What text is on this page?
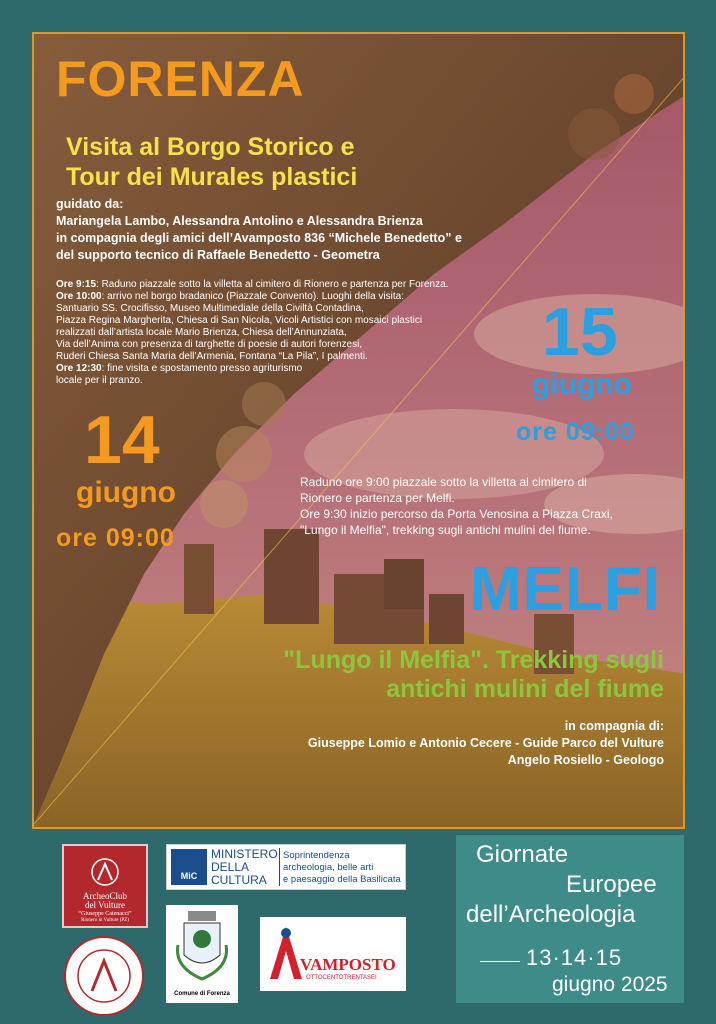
FORENZA
Visita al Borgo Storico e
Tour dei Murales plastici
guidato da:
Mariangela Lambo, Alessandra Antolino e Alessandra Brienza
in compagnia degli amici dell’Avamposto 836 “Michele Benedetto” e
del supporto tecnico di Raffaele Benedetto - Geometra

Ore 9:15: Raduno piazzale sotto la villetta al cimitero di Rionero e partenza per Forenza.

Ore 10:00: arrivo nel borgo bradanico (Piazzale Convento). Luoghi della visita:

Santuario SS. Crocifisso, Museo Multimediale della Civiltà Contadina,

Piazza Regina Margherita, Chiesa di San Nicola, Vicoli Artistici con mosaici plastici

realizzati dall’artista locale Mario Brienza, Chiesa dell’Annunziata,

Via dell’Anima con presenza di targhette di poesie di autori forenzesi,

Ruderi Chiesa Santa Maria dell’Armenia, Fontana “La Pila”, I palmenti.

Ore 12:30: fine visita e spostamento presso agriturismo

locale per il pranzo.

14
giugno
ore 09:00
15
giugno
ore 09:00
Raduno ore 9:00 piazzale sotto la villetta al cimitero di
Rionero e partenza per Melfi.
Ore 9:30 inizio percorso da Porta Venosina a Piazza Craxi,
"Lungo il Melfia", trekking sugli antichi mulini del fiume.
MELFI
"Lungo il Melfia". Trekking sugli
antichi mulini del fiume
in compagnia di:
Giuseppe Lomio e Antonio Cecere - Guide Parco del Vulture
Angelo Rosiello - Geologo
ArcheoClub
del Vulture
“Giuseppe Catenacci”
Rionero in Vulture (PZ)
MiC
MINISTERO
DELLA
CULTURA
Soprintendenza
archeologia, belle arti
e paesaggio della Basilicata
Comune di Forenza
VAMPOSTO
OTTOCENTOTRENTASEI
Giornate
Europee
dell’Archeologia
13·14·15
giugno 2025
